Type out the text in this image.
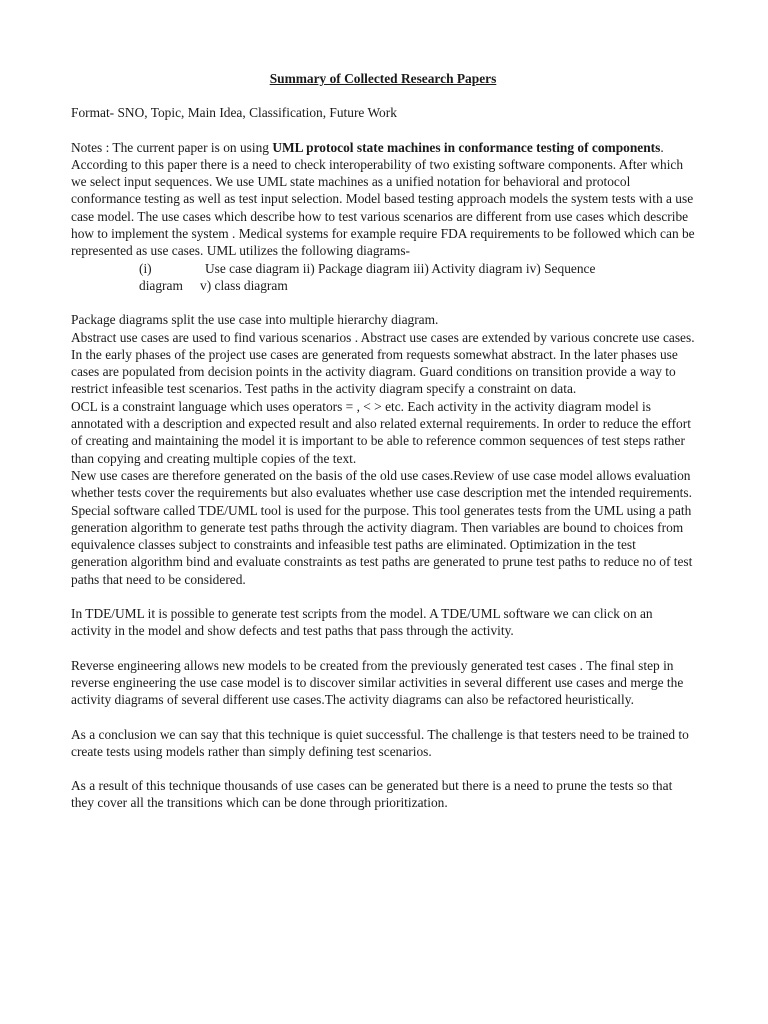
Summary of Collected Research Papers

Format- SNO, Topic, Main Idea, Classification, Future Work

Notes : The current paper is on using UML protocol state machines in conformance testing of components. According to this paper there is a need to check interoperability of two existing software components. After which we select input sequences. We use UML state machines as a unified notation for behavioral and protocol conformance testing as well as test input selection. Model based testing approach models the system tests with a use case model. The use cases which describe how to test various scenarios are different from use cases which describe how to implement the system . Medical systems for example require FDA requirements to be followed which can be represented as use cases. UML utilizes the following diagrams-

(i)	Use case diagram ii) Package diagram iii) Activity diagram iv) Sequence

diagram v) class diagram

Package diagrams split the use case into multiple hierarchy diagram.

Abstract use cases are used to find various scenarios . Abstract use cases are extended by various concrete use cases. In the early phases of the project use cases are generated from requests somewhat abstract. In the later phases use cases are populated from decision points in the activity diagram. Guard conditions on transition provide a way to restrict infeasible test scenarios. Test paths in the activity diagram specify a constraint on data.

OCL is a constraint language which uses operators = , < > etc. Each activity in the activity diagram model is annotated with a description and expected result and also related external requirements. In order to reduce the effort of creating and maintaining the model it is important to be able to reference common sequences of test steps rather than copying and creating multiple copies of the text.

New use cases are therefore generated on the basis of the old use cases.Review of use case model allows evaluation whether tests cover the requirements but also evaluates whether use case description met the intended requirements.

Special software called TDE/UML tool is used for the purpose. This tool generates tests from the UML using a path generation algorithm to generate test paths through the activity diagram. Then variables are bound to choices from equivalence classes subject to constraints and infeasible test paths are eliminated. Optimization in the test generation algorithm bind and evaluate constraints as test paths are generated to prune test paths to reduce no of test paths that need to be considered.

In TDE/UML it is possible to generate test scripts from the model. A TDE/UML software we can click on an activity in the model and show defects and test paths that pass through the activity.

Reverse engineering allows new models to be created from the previously generated test cases . The final step in reverse engineering the use case model is to discover similar activities in several different use cases and merge the activity diagrams of several different use cases.The activity diagrams can also be refactored heuristically.

As a conclusion we can say that this technique is quiet successful. The challenge is that testers need to be trained to create tests using models rather than simply defining test scenarios.

As a result of this technique thousands of use cases can be generated but there is a need to prune the tests so that they cover all the transitions which can be done through prioritization.
